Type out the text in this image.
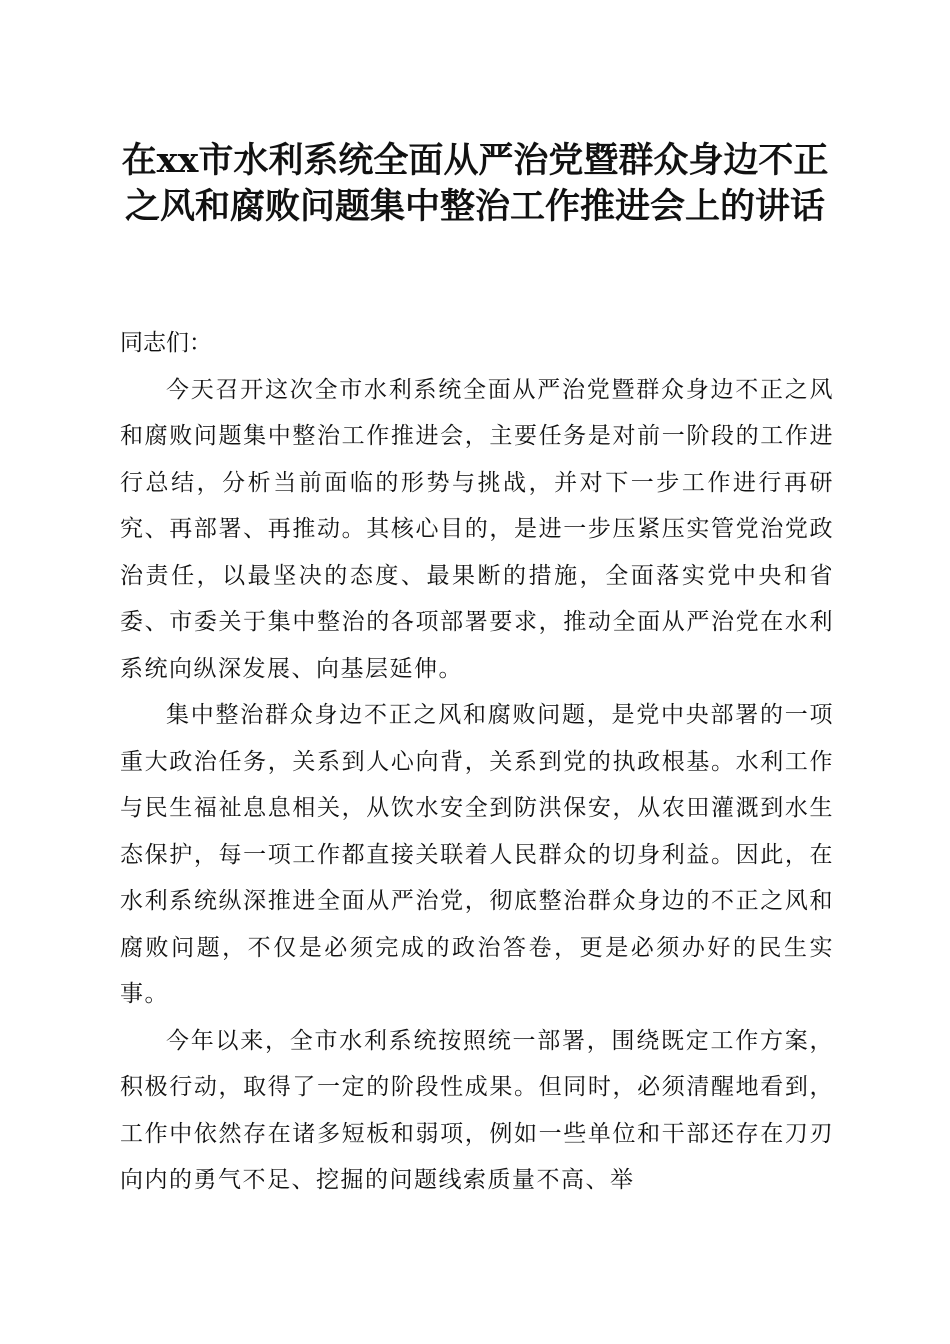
在xx市水利系统全面从严治党暨群众身边不正之风和腐败问题集中整治工作推进会上的讲话

同志们：

今天召开这次全市水利系统全面从严治党暨群众身边不正之风和腐败问题集中整治工作推进会，主要任务是对前一阶段的工作进行总结，分析当前面临的形势与挑战，并对下一步工作进行再研究、再部署、再推动。其核心目的，是进一步压紧压实管党治党政治责任，以最坚决的态度、最果断的措施，全面落实党中央和省委、市委关于集中整治的各项部署要求，推动全面从严治党在水利系统向纵深发展、向基层延伸。

集中整治群众身边不正之风和腐败问题，是党中央部署的一项重大政治任务，关系到人心向背，关系到党的执政根基。水利工作与民生福祉息息相关，从饮水安全到防洪保安，从农田灌溉到水生态保护，每一项工作都直接关联着人民群众的切身利益。因此，在水利系统纵深推进全面从严治党，彻底整治群众身边的不正之风和腐败问题，不仅是必须完成的政治答卷，更是必须办好的民生实事。

今年以来，全市水利系统按照统一部署，围绕既定工作方案，积极行动，取得了一定的阶段性成果。但同时，必须清醒地看到，工作中依然存在诸多短板和弱项，例如一些单位和干部还存在刀刃向内的勇气不足、挖掘的问题线索质量不高、举
